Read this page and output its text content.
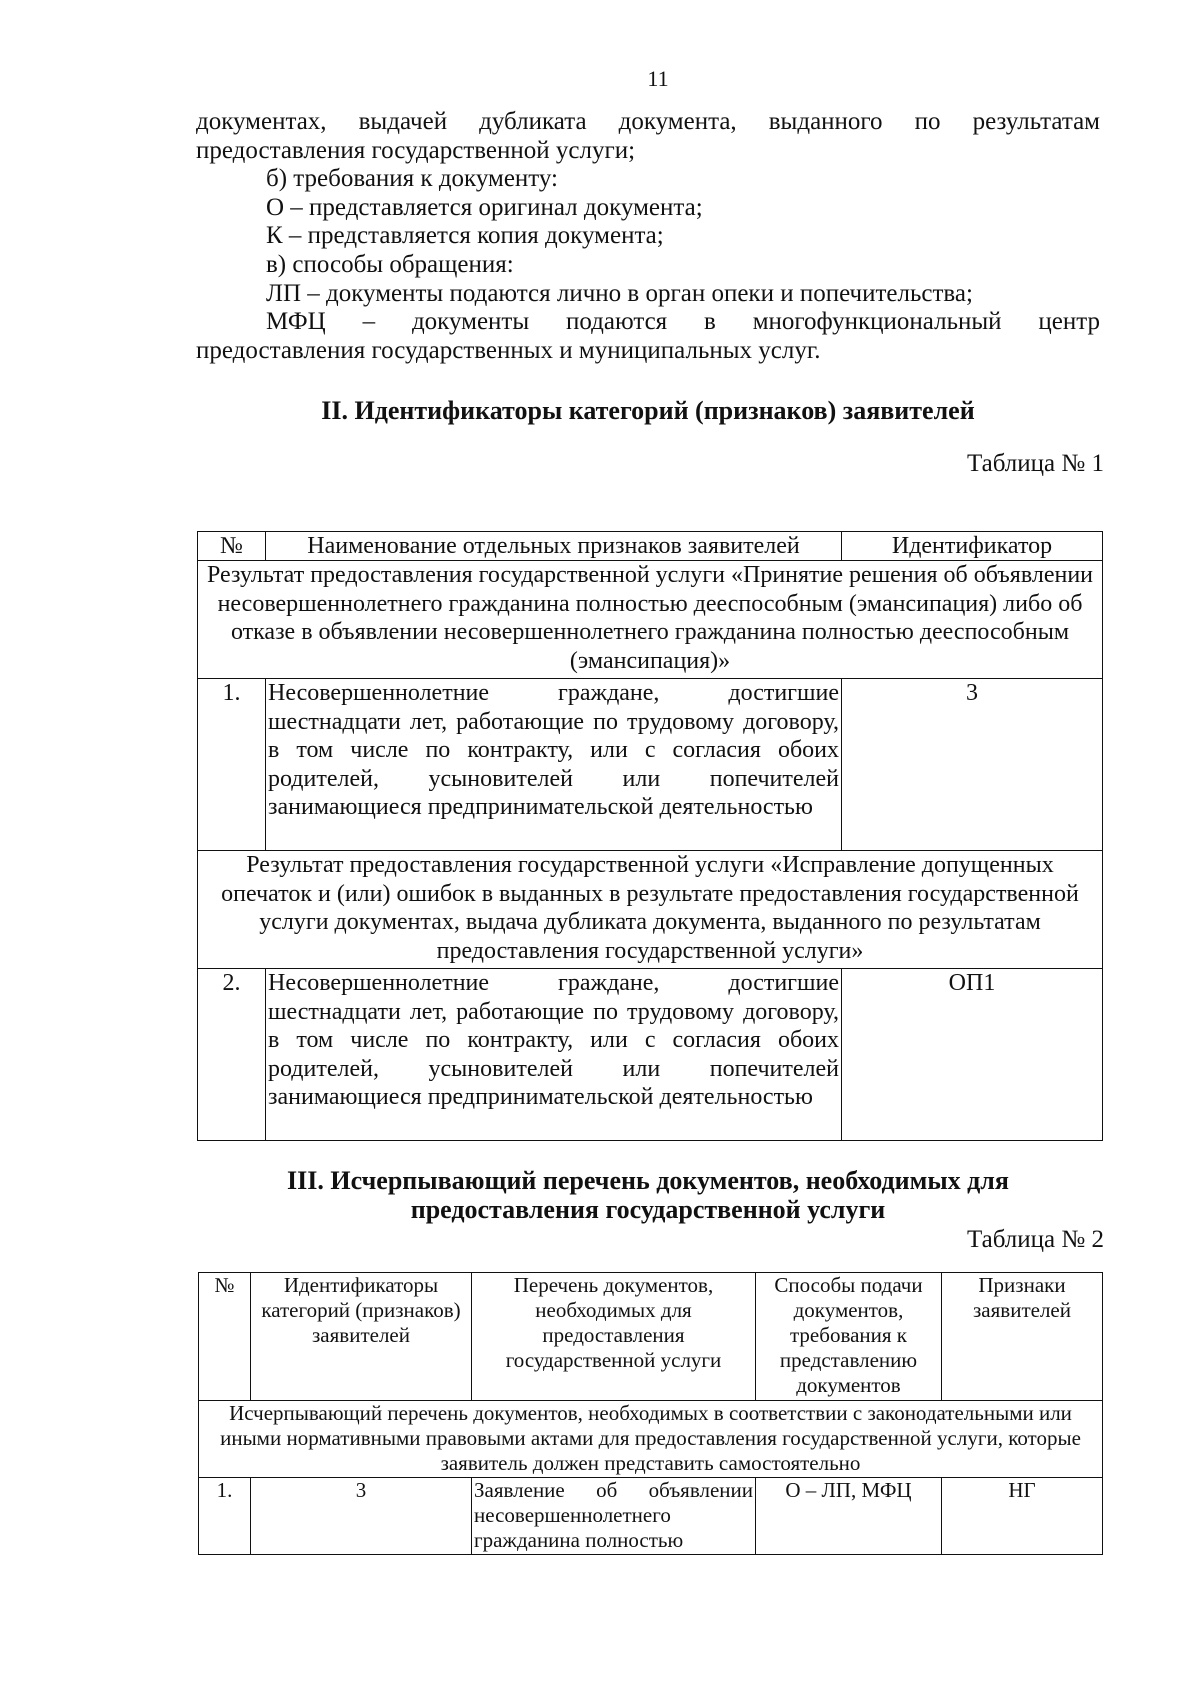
11

документах, выдачей дубликата документа, выданного по результатам

предоставления государственной услуги;

б) требования к документу:

О – представляется оригинал документа;

К – представляется копия документа;

в) способы обращения:

ЛП – документы подаются лично в орган опеки и попечительства;

МФЦ – документы подаются в многофункциональный центр

предоставления государственных и муниципальных услуг.

II. Идентификаторы категорий (признаков) заявителей
Таблица № 1
№	Наименование отдельных признаков заявителей	Идентификатор
Результат предоставления государственной услуги «Принятие решения об объявлении несовершеннолетнего гражданина полностью дееспособным (эмансипация) либо об отказе в объявлении несовершеннолетнего гражданина полностью дееспособным (эмансипация)»		
1.	Несовершеннолетние граждане, достигшие шестнадцати лет, работающие по трудовому договору, в том числе по контракту, или с согласия обоих родителей, усыновителей или попечителей занимающиеся предпринимательской деятельностью	3
Результат предоставления государственной услуги «Исправление допущенных опечаток и (или) ошибок в выданных в результате предоставления государственной услуги документах, выдача дубликата документа, выданного по результатам предоставления государственной услуги»		
2.	Несовершеннолетние граждане, достигшие шестнадцати лет, работающие по трудовому договору, в том числе по контракту, или с согласия обоих родителей, усыновителей или попечителей занимающиеся предпринимательской деятельностью	ОП1
III. Исчерпывающий перечень документов, необходимых для
предоставления государственной услуги
Таблица № 2
№	Идентификаторы категорий (признаков) заявителей	Перечень документов, необходимых для предоставления государственной услуги	Способы подачи документов, требования к представлению документов	Признаки заявителей
Исчерпывающий перечень документов, необходимых в соответствии с законодательными или иными нормативными правовыми актами для предоставления государственной услуги, которые заявитель должен представить самостоятельно				
1.	3	Заявление об объявлении несовершеннолетнего гражданина полностью	О – ЛП, МФЦ	НГ
